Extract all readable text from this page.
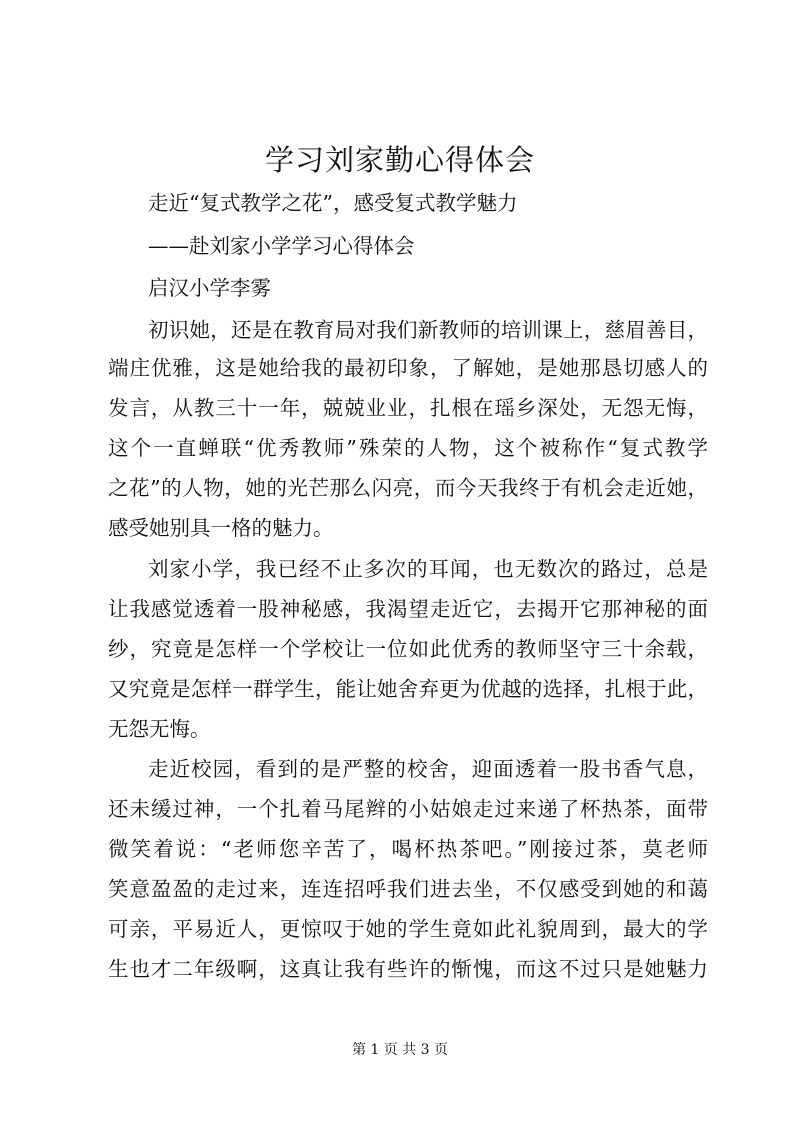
学习刘家勤心得体会
走近“复式教学之花”，感受复式教学魅力
——赴刘家小学学习心得体会
启汉小学李雾
初识她，还是在教育局对我们新教师的培训课上，慈眉善目，
端庄优雅，这是她给我的最初印象，了解她，是她那恳切感人的
发言，从教三十一年，兢兢业业，扎根在瑶乡深处，无怨无悔，
这个一直蝉联“优秀教师”殊荣的人物，这个被称作“复式教学
之花”的人物，她的光芒那么闪亮，而今天我终于有机会走近她，
感受她别具一格的魅力。
刘家小学，我已经不止多次的耳闻，也无数次的路过，总是
让我感觉透着一股神秘感，我渴望走近它，去揭开它那神秘的面
纱，究竟是怎样一个学校让一位如此优秀的教师坚守三十余载，
又究竟是怎样一群学生，能让她舍弃更为优越的选择，扎根于此，
无怨无悔。
走近校园，看到的是严整的校舍，迎面透着一股书香气息，
还未缓过神，一个扎着马尾辫的小姑娘走过来递了杯热茶，面带
微笑着说：“老师您辛苦了，喝杯热茶吧。”刚接过茶，莫老师
笑意盈盈的走过来，连连招呼我们进去坐，不仅感受到她的和蔼
可亲，平易近人，更惊叹于她的学生竟如此礼貌周到，最大的学
生也才二年级啊，这真让我有些许的惭愧，而这不过只是她魅力
第 1 页 共 3 页
